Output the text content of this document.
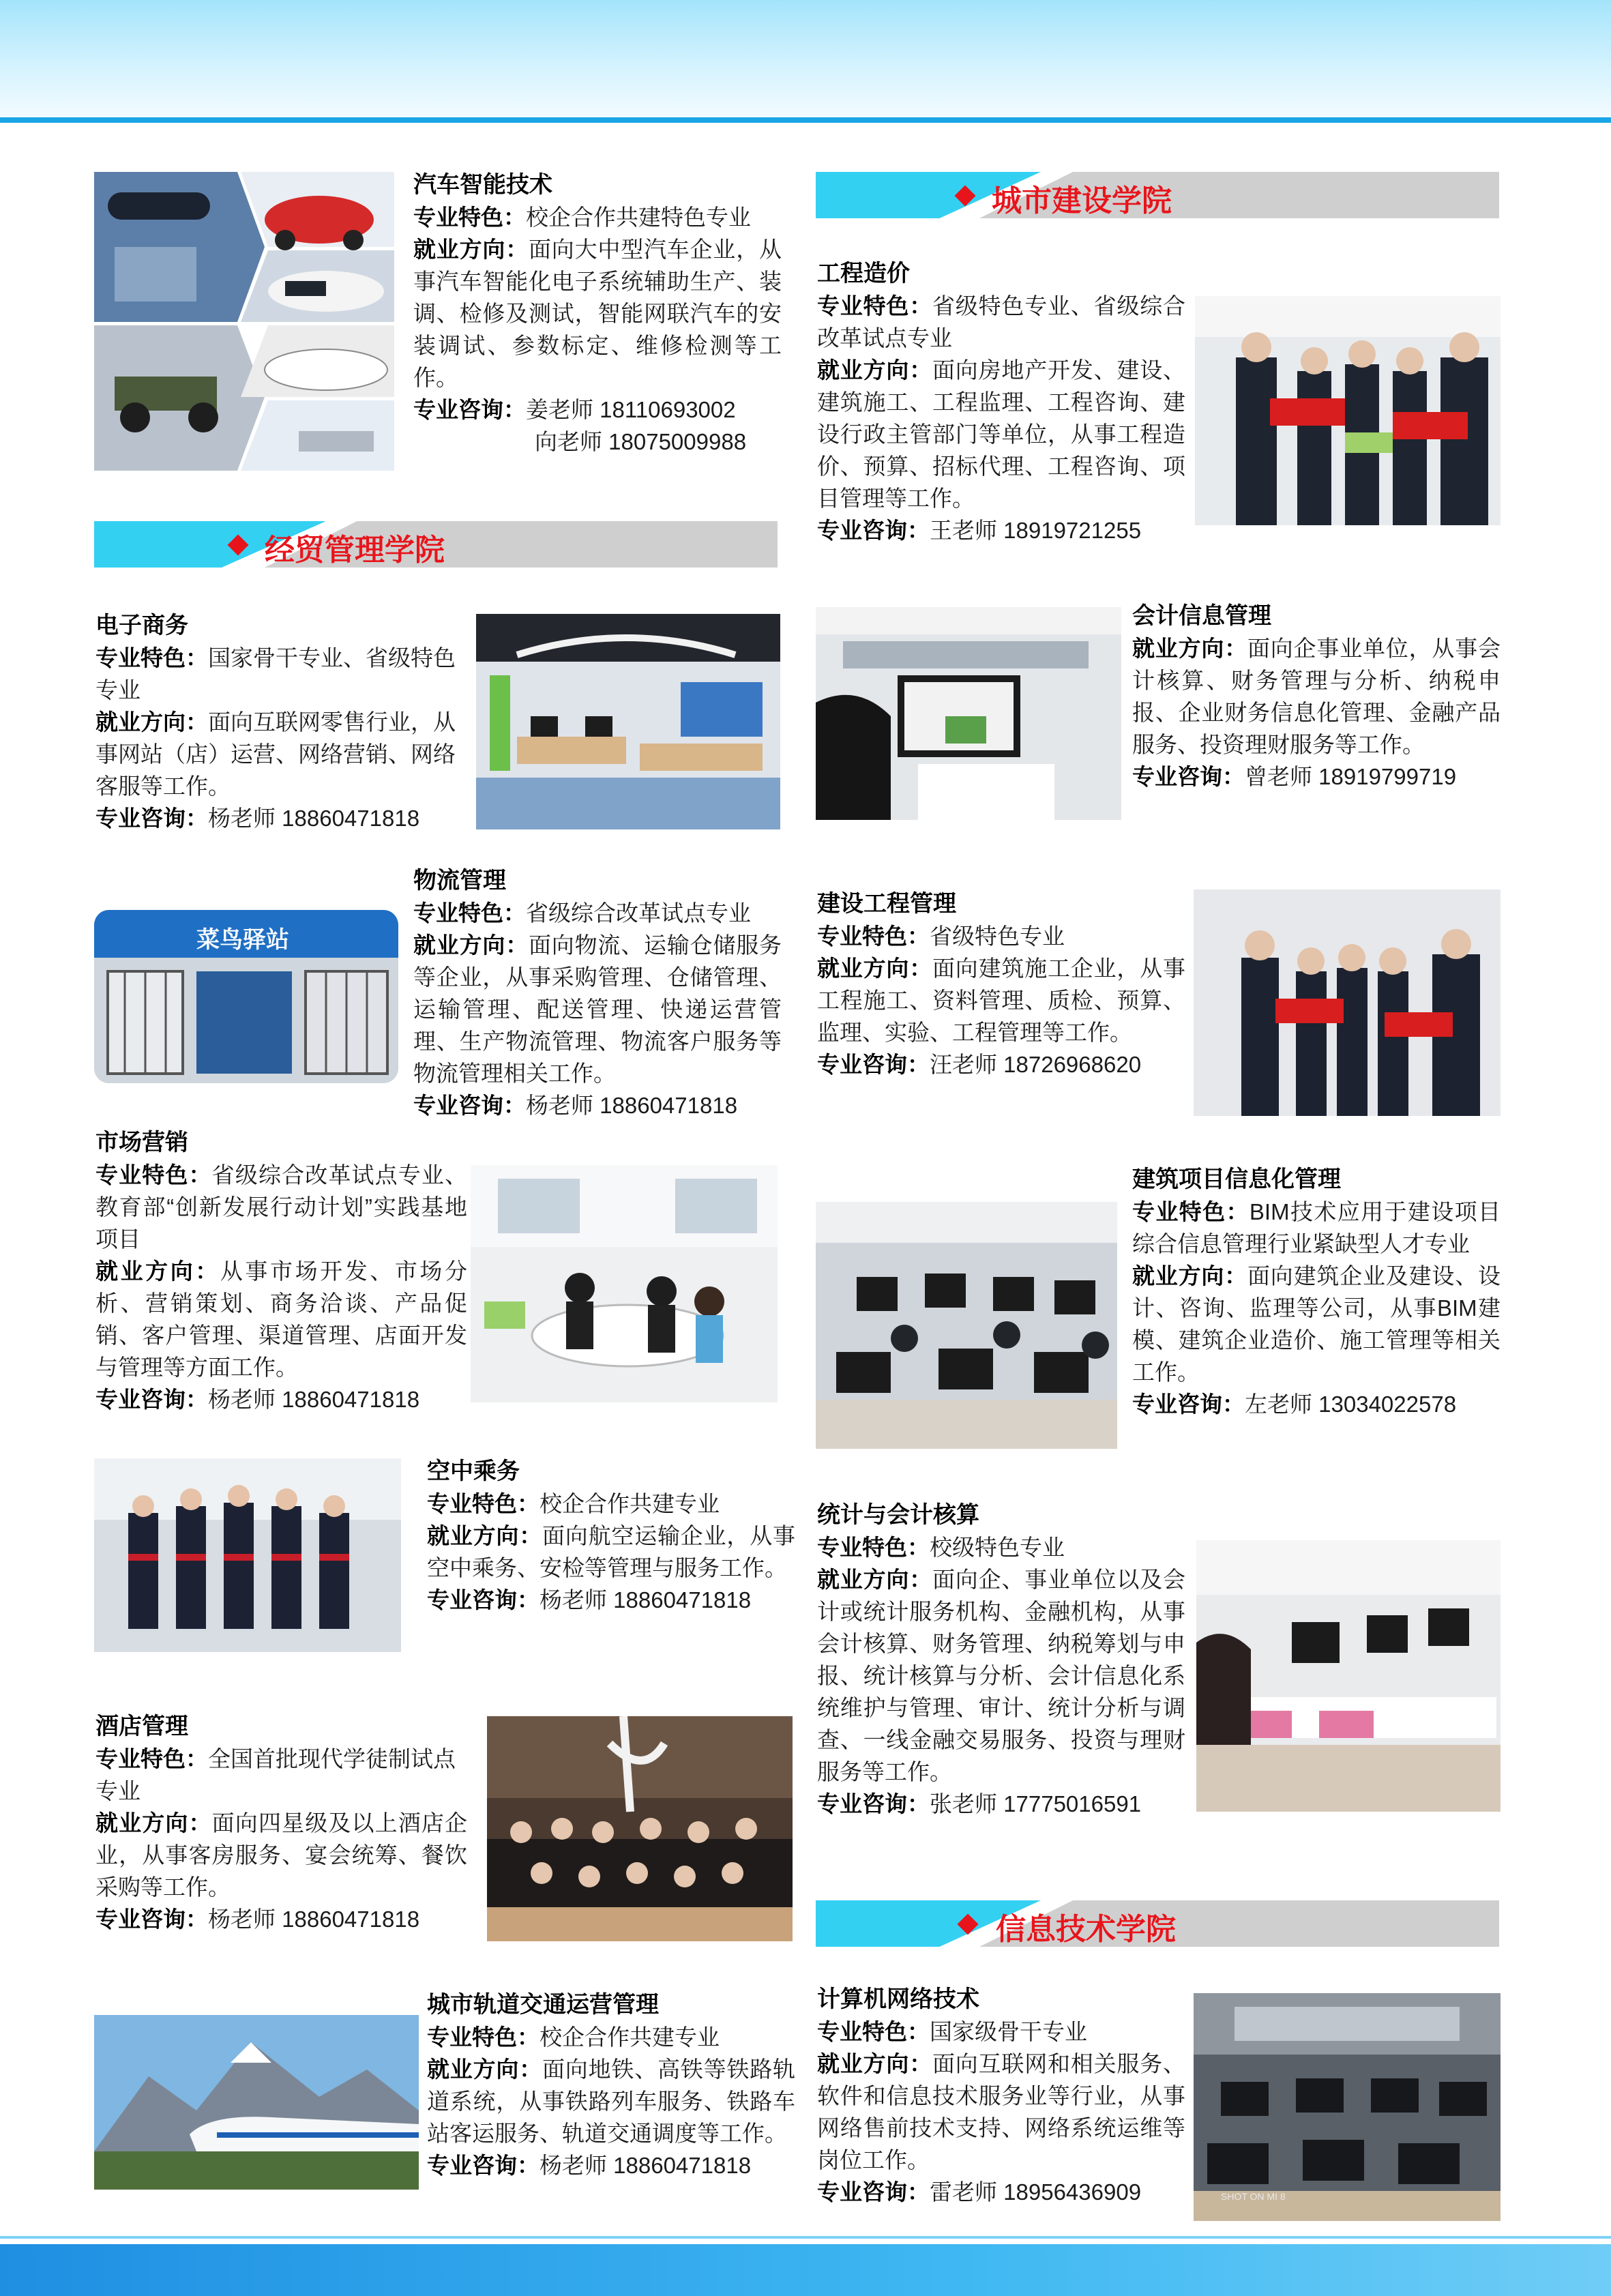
汽车智能技术

专业特色：校企合作共建特色专业

就业方向：面向大中型汽车企业，从事汽车智能化电子系统辅助生产、装调、检修及测试，智能网联汽车的安装调试、参数标定、维修检测等工作。

专业咨询：姜老师 18110693002

向老师 18075009988

经贸管理学院
电子商务

专业特色：国家骨干专业、省级特色专业

就业方向：面向互联网零售行业，从事网站（店）运营、网络营销、网络客服等工作。

专业咨询：杨老师 18860471818

菜鸟驿站
物流管理

专业特色：省级综合改革试点专业

就业方向：面向物流、运输仓储服务等企业，从事采购管理、仓储管理、运输管理、配送管理、快递运营管理、生产物流管理、物流客户服务等物流管理相关工作。

专业咨询：杨老师 18860471818

市场营销

专业特色：省级综合改革试点专业、教育部“创新发展行动计划”实践基地项目

就业方向：从事市场开发、市场分析、营销策划、商务洽谈、产品促销、客户管理、渠道管理、店面开发与管理等方面工作。

专业咨询：杨老师 18860471818

空中乘务

专业特色：校企合作共建专业

就业方向：面向航空运输企业，从事空中乘务、安检等管理与服务工作。

专业咨询：杨老师 18860471818

酒店管理

专业特色：全国首批现代学徒制试点专业

就业方向：面向四星级及以上酒店企业，从事客房服务、宴会统筹、餐饮采购等工作。

专业咨询：杨老师 18860471818

城市轨道交通运营管理

专业特色：校企合作共建专业

就业方向：面向地铁、高铁等铁路轨道系统，从事铁路列车服务、铁路车站客运服务、轨道交通调度等工作。

专业咨询：杨老师 18860471818

城市建设学院
工程造价

专业特色：省级特色专业、省级综合改革试点专业

就业方向：面向房地产开发、建设、建筑施工、工程监理、工程咨询、建设行政主管部门等单位，从事工程造价、预算、招标代理、工程咨询、项目管理等工作。

专业咨询：王老师 18919721255

会计信息管理

就业方向：面向企事业单位，从事会计核算、财务管理与分析、纳税申报、企业财务信息化管理、金融产品服务、投资理财服务等工作。

专业咨询：曾老师 18919799719

建设工程管理

专业特色：省级特色专业

就业方向：面向建筑施工企业，从事工程施工、资料管理、质检、预算、监理、实验、工程管理等工作。

专业咨询：汪老师 18726968620

建筑项目信息化管理

专业特色：BIM技术应用于建设项目综合信息管理行业紧缺型人才专业

就业方向：面向建筑企业及建设、设计、咨询、监理等公司，从事BIM建模、建筑企业造价、施工管理等相关工作。

专业咨询：左老师 13034022578

统计与会计核算

专业特色：校级特色专业

就业方向：面向企、事业单位以及会计或统计服务机构、金融机构，从事会计核算、财务管理、纳税筹划与申报、统计核算与分析、会计信息化系统维护与管理、审计、统计分析与调查、一线金融交易服务、投资与理财服务等工作。

专业咨询：张老师 17775016591

信息技术学院
计算机网络技术

专业特色：国家级骨干专业

就业方向：面向互联网和相关服务、软件和信息技术服务业等行业，从事网络售前技术支持、网络系统运维等岗位工作。

专业咨询：雷老师 18956436909	SHOT ON MI 8
